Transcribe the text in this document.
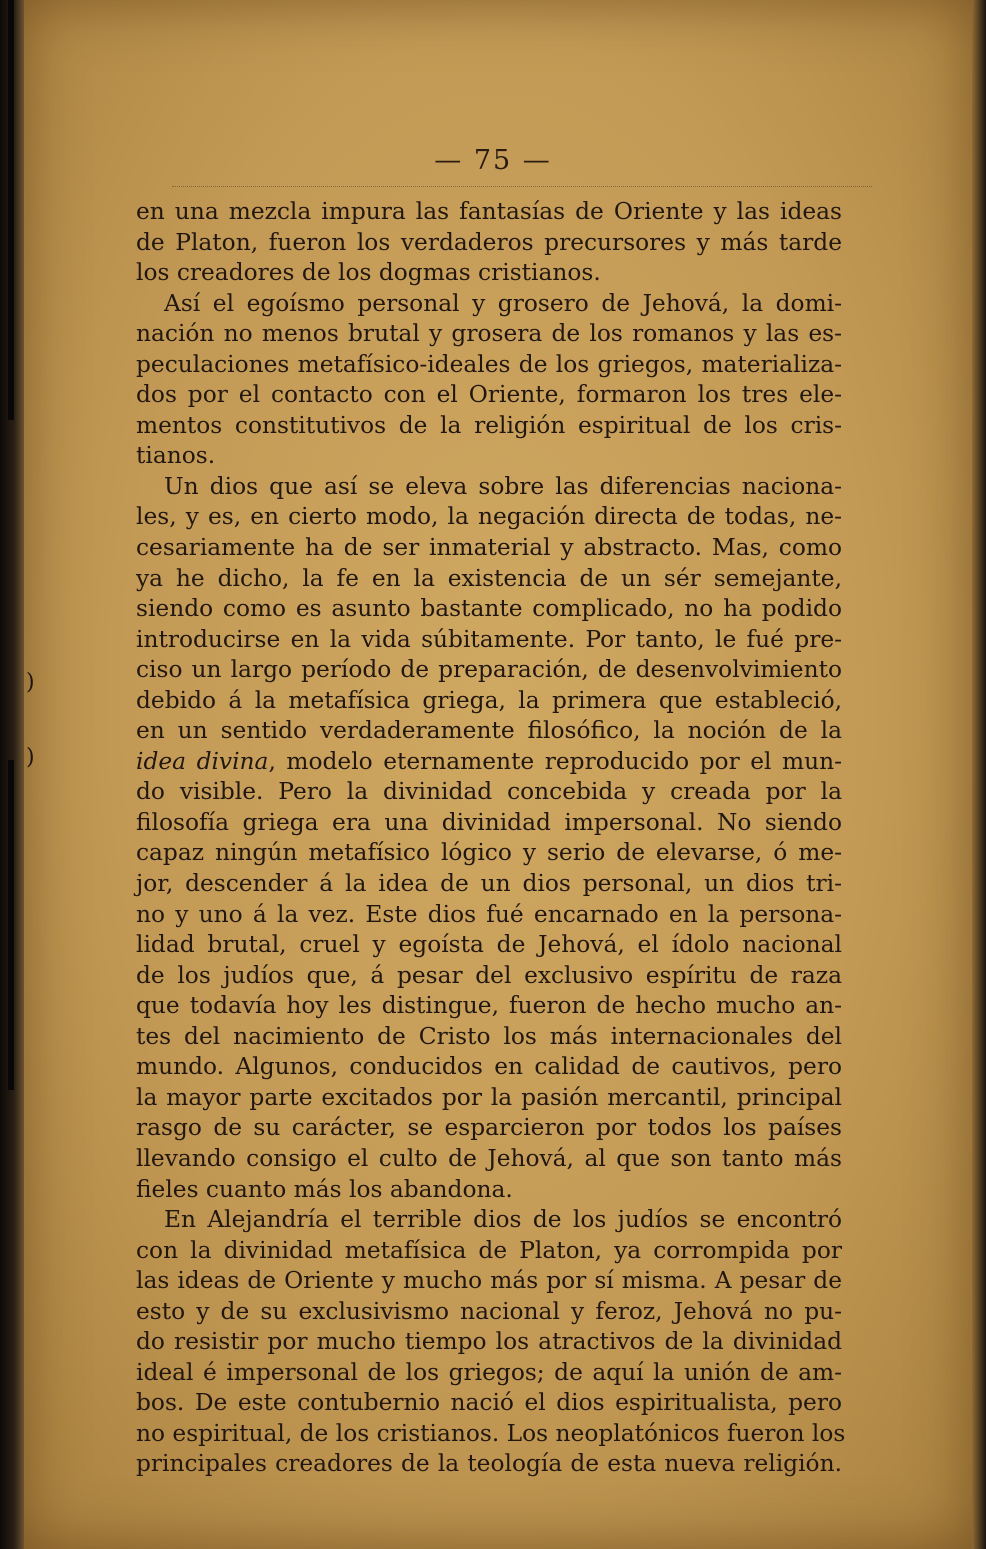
)
)
— 75 —
en una mezcla impura las fantasías de Oriente y las ideas
de Platon, fueron los verdaderos precursores y más tarde
los creadores de los dogmas cristianos.
Así el egoísmo personal y grosero de Jehová, la domi-
nación no menos brutal y grosera de los romanos y las es-
peculaciones metafísico-ideales de los griegos, materializa-
dos por el contacto con el Oriente, formaron los tres ele-
mentos constitutivos de la religión espiritual de los cris-
tianos.
Un dios que así se eleva sobre las diferencias naciona-
les, y es, en cierto modo, la negación directa de todas, ne-
cesariamente ha de ser inmaterial y abstracto. Mas, como
ya he dicho, la fe en la existencia de un sér semejante,
siendo como es asunto bastante complicado, no ha podido
introducirse en la vida súbitamente. Por tanto, le fué pre-
ciso un largo período de preparación, de desenvolvimiento
debido á la metafísica griega, la primera que estableció,
en un sentido verdaderamente filosófico, la noción de la
idea divina, modelo eternamente reproducido por el mun-
do visible. Pero la divinidad concebida y creada por la
filosofía griega era una divinidad impersonal. No siendo
capaz ningún metafísico lógico y serio de elevarse, ó me-
jor, descender á la idea de un dios personal, un dios tri-
no y uno á la vez. Este dios fué encarnado en la persona-
lidad brutal, cruel y egoísta de Jehová, el ídolo nacional
de los judíos que, á pesar del exclusivo espíritu de raza
que todavía hoy les distingue, fueron de hecho mucho an-
tes del nacimiento de Cristo los más internacionales del
mundo. Algunos, conducidos en calidad de cautivos, pero
la mayor parte excitados por la pasión mercantil, principal
rasgo de su carácter, se esparcieron por todos los países
llevando consigo el culto de Jehová, al que son tanto más
fieles cuanto más los abandona.
En Alejandría el terrible dios de los judíos se encontró
con la divinidad metafísica de Platon, ya corrompida por
las ideas de Oriente y mucho más por sí misma. A pesar de
esto y de su exclusivismo nacional y feroz, Jehová no pu-
do resistir por mucho tiempo los atractivos de la divinidad
ideal é impersonal de los griegos; de aquí la unión de am-
bos. De este contubernio nació el dios espiritualista, pero
no espiritual, de los cristianos. Los neoplatónicos fueron los
principales creadores de la teología de esta nueva religión.
